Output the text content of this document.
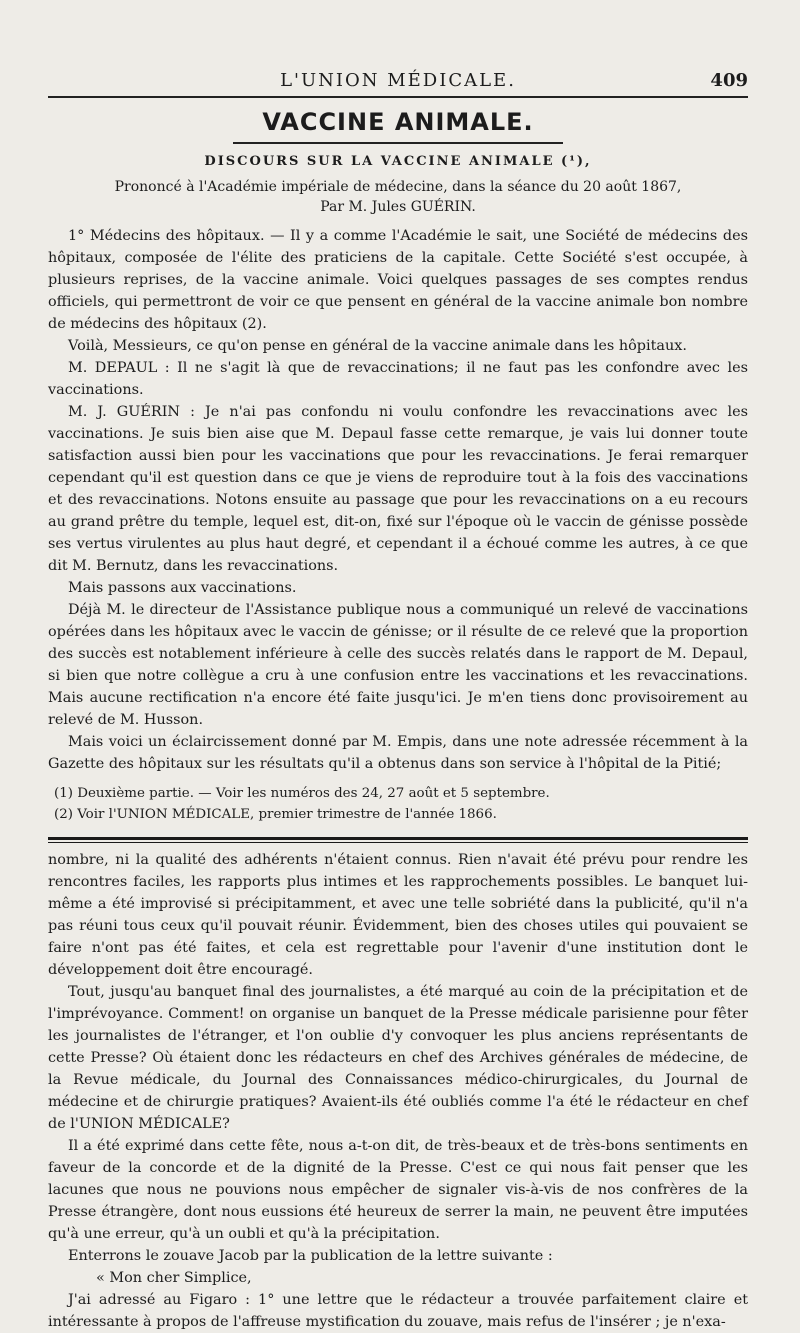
L'UNION MÉDICALE.	409
VACCINE ANIMALE.
DISCOURS SUR LA VACCINE ANIMALE (¹),
Prononcé à l'Académie impériale de médecine, dans la séance du 20 août 1867,
Par M. Jules GUÉRIN.

1° Médecins des hôpitaux. — Il y a comme l'Académie le sait, une Société de médecins des hôpitaux, composée de l'élite des praticiens de la capitale. Cette Société s'est occupée, à plusieurs reprises, de la vaccine animale. Voici quelques passages de ses comptes rendus officiels, qui permettront de voir ce que pensent en général de la vaccine animale bon nombre de médecins des hôpitaux (2).

Voilà, Messieurs, ce qu'on pense en général de la vaccine animale dans les hôpitaux.

M. DEPAUL : Il ne s'agit là que de revaccinations; il ne faut pas les confondre avec les vaccinations.

M. J. GUÉRIN : Je n'ai pas confondu ni voulu confondre les revaccinations avec les vaccinations. Je suis bien aise que M. Depaul fasse cette remarque, je vais lui donner toute satisfaction aussi bien pour les vaccinations que pour les revaccinations. Je ferai remarquer cependant qu'il est question dans ce que je viens de reproduire tout à la fois des vaccinations et des revaccinations. Notons ensuite au passage que pour les revaccinations on a eu recours au grand prêtre du temple, lequel est, dit-on, fixé sur l'époque où le vaccin de génisse possède ses vertus virulentes au plus haut degré, et cependant il a échoué comme les autres, à ce que dit M. Bernutz, dans les revaccinations.

Mais passons aux vaccinations.

Déjà M. le directeur de l'Assistance publique nous a communiqué un relevé de vaccinations opérées dans les hôpitaux avec le vaccin de génisse; or il résulte de ce relevé que la proportion des succès est notablement inférieure à celle des succès relatés dans le rapport de M. Depaul, si bien que notre collègue a cru à une confusion entre les vaccinations et les revaccinations. Mais aucune rectification n'a encore été faite jusqu'ici. Je m'en tiens donc provisoirement au relevé de M. Husson.

Mais voici un éclaircissement donné par M. Empis, dans une note adressée récemment à la Gazette des hôpitaux sur les résultats qu'il a obtenus dans son service à l'hôpital de la Pitié;

(1) Deuxième partie. — Voir les numéros des 24, 27 août et 5 septembre.

(2) Voir l'UNION MÉDICALE, premier trimestre de l'année 1866.

nombre, ni la qualité des adhérents n'étaient connus. Rien n'avait été prévu pour rendre les rencontres faciles, les rapports plus intimes et les rapprochements possibles. Le banquet lui-même a été improvisé si précipitamment, et avec une telle sobriété dans la publicité, qu'il n'a pas réuni tous ceux qu'il pouvait réunir. Évidemment, bien des choses utiles qui pouvaient se faire n'ont pas été faites, et cela est regrettable pour l'avenir d'une institution dont le développement doit être encouragé.

Tout, jusqu'au banquet final des journalistes, a été marqué au coin de la précipitation et de l'imprévoyance. Comment! on organise un banquet de la Presse médicale parisienne pour fêter les journalistes de l'étranger, et l'on oublie d'y convoquer les plus anciens représentants de cette Presse? Où étaient donc les rédacteurs en chef des Archives générales de médecine, de la Revue médicale, du Journal des Connaissances médico-chirurgicales, du Journal de médecine et de chirurgie pratiques? Avaient-ils été oubliés comme l'a été le rédacteur en chef de l'UNION MÉDICALE?

Il a été exprimé dans cette fête, nous a-t-on dit, de très-beaux et de très-bons sentiments en faveur de la concorde et de la dignité de la Presse. C'est ce qui nous fait penser que les lacunes que nous ne pouvions nous empêcher de signaler vis-à-vis de nos confrères de la Presse étrangère, dont nous eussions été heureux de serrer la main, ne peuvent être imputées qu'à une erreur, qu'à un oubli et qu'à la précipitation.

Enterrons le zouave Jacob par la publication de la lettre suivante :

« Mon cher Simplice,

J'ai adressé au Figaro : 1° une lettre que le rédacteur a trouvée parfaitement claire et intéressante à propos de l'affreuse mystification du zouave, mais refus de l'insérer ; je n'exa-
